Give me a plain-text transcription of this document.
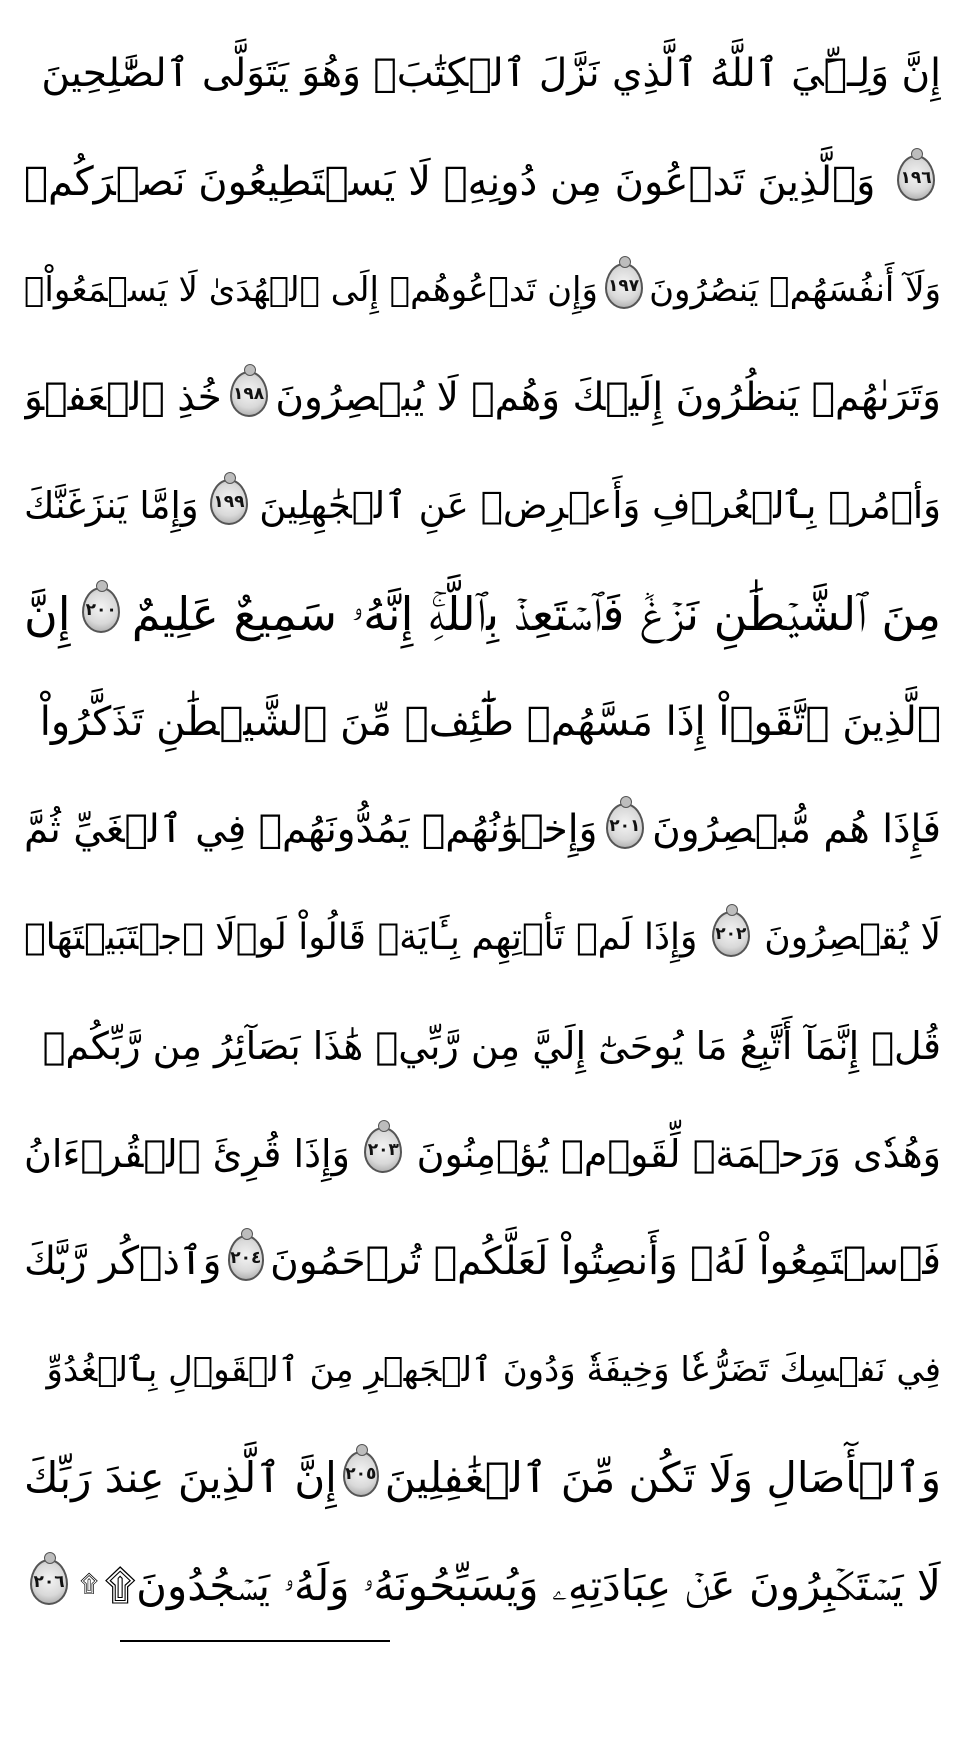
إِنَّ وَلِـِّۧيَ ٱللَّهُ ٱلَّذِي نَزَّلَ ٱلۡكِتَٰبَۖ وَهُوَ يَتَوَلَّى ٱلصَّٰلِحِينَ
١٩٦
وَٱلَّذِينَ تَدۡعُونَ مِن دُونِهِۦ لَا يَسۡتَطِيعُونَ نَصۡرَكُمۡ
وَلَآ أَنفُسَهُمۡ يَنصُرُونَ
١٩٧
وَإِن تَدۡعُوهُمۡ إِلَى ٱلۡهُدَىٰ لَا يَسۡمَعُواْۖ
وَتَرَىٰهُمۡ يَنظُرُونَ إِلَيۡكَ وَهُمۡ لَا يُبۡصِرُونَ
١٩٨
خُذِ ٱلۡعَفۡوَ
وَأۡمُرۡ بِٱلۡعُرۡفِ وَأَعۡرِضۡ عَنِ ٱلۡجَٰهِلِينَ
١٩٩
وَإِمَّا يَنزَغَنَّكَ
مِنَ ٱلشَّيۡطَٰنِ نَزۡغٞ فَٱسۡتَعِذۡ بِٱللَّهِۚ إِنَّهُۥ سَمِيعٌ عَلِيمٌ
٢٠٠
إِنَّ
ٱلَّذِينَ ٱتَّقَوۡاْ إِذَا مَسَّهُمۡ طَٰٓئِفٞ مِّنَ ٱلشَّيۡطَٰنِ تَذَكَّرُواْ
فَإِذَا هُم مُّبۡصِرُونَ
٢٠١
وَإِخۡوَٰنُهُمۡ يَمُدُّونَهُمۡ فِي ٱلۡغَيِّ ثُمَّ
لَا يُقۡصِرُونَ
٢٠٢
وَإِذَا لَمۡ تَأۡتِهِم بِـَٔايَةٖ قَالُواْ لَوۡلَا ٱجۡتَبَيۡتَهَاۚ
قُلۡ إِنَّمَآ أَتَّبِعُ مَا يُوحَىٰٓ إِلَيَّ مِن رَّبِّيۚ هَٰذَا بَصَآئِرُ مِن رَّبِّكُمۡ
وَهُدٗى وَرَحۡمَةٞ لِّقَوۡمٖ يُؤۡمِنُونَ
٢٠٣
وَإِذَا قُرِئَ ٱلۡقُرۡءَانُ
فَٱسۡتَمِعُواْ لَهُۥ وَأَنصِتُواْ لَعَلَّكُمۡ تُرۡحَمُونَ
٢٠٤
وَٱذۡكُر رَّبَّكَ
فِي نَفۡسِكَ تَضَرُّعٗا وَخِيفَةٗ وَدُونَ ٱلۡجَهۡرِ مِنَ ٱلۡقَوۡلِ بِٱلۡغُدُوِّ
وَٱلۡأٓصَالِ وَلَا تَكُن مِّنَ ٱلۡغَٰفِلِينَ
٢٠٥
إِنَّ ٱلَّذِينَ عِندَ رَبِّكَ
لَا يَسۡتَكۡبِرُونَ عَنۡ عِبَادَتِهِۦ وَيُسَبِّحُونَهُۥ وَلَهُۥ يَسۡجُدُونَ۩
۩
٢٠٦
